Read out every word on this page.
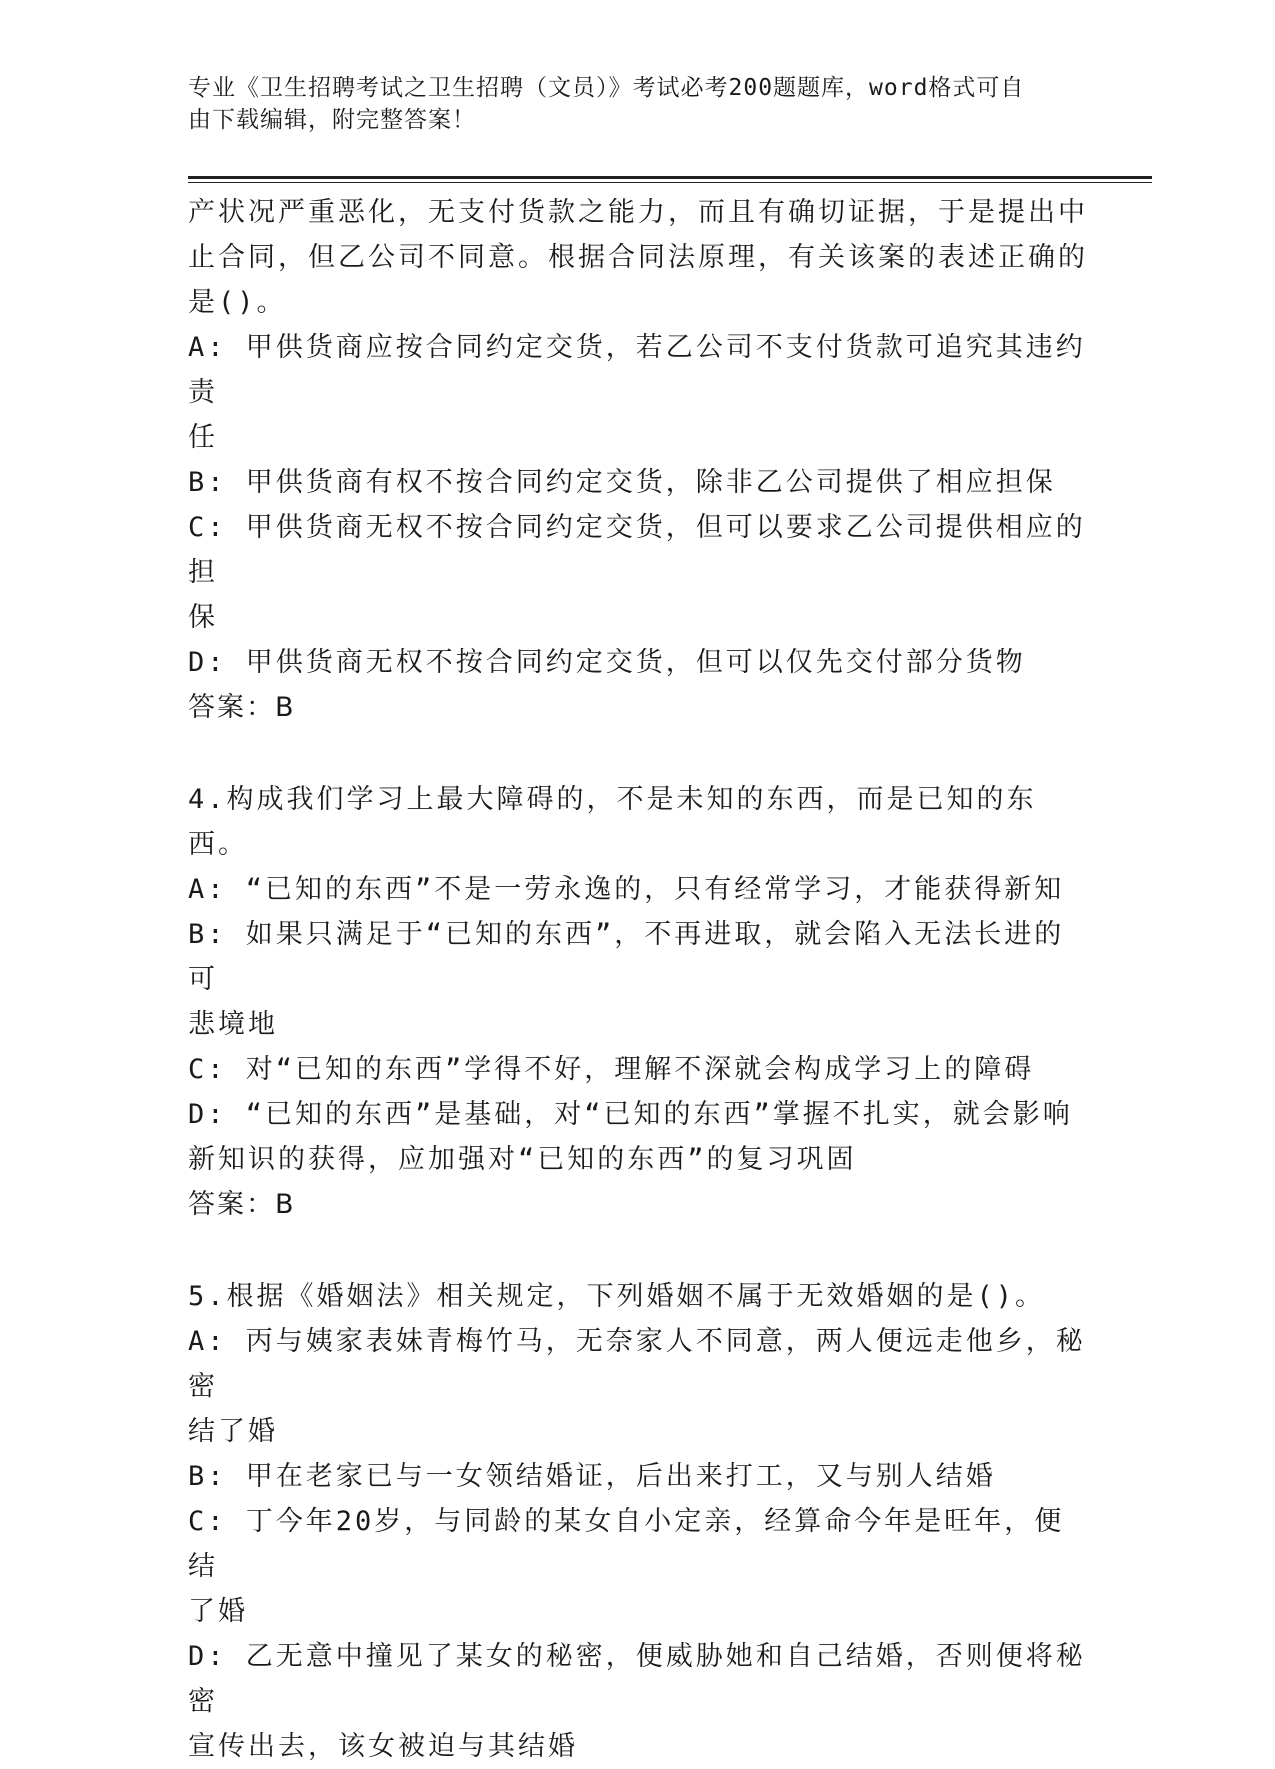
专业《卫生招聘考试之卫生招聘（文员）》考试必考200题题库，word格式可自
由下载编辑，附完整答案！
产状况严重恶化，无支付货款之能力，而且有确切证据，于是提出中
止合同，但乙公司不同意。根据合同法原理，有关该案的表述正确的
是()。
A: 甲供货商应按合同约定交货，若乙公司不支付货款可追究其违约责
任
B: 甲供货商有权不按合同约定交货，除非乙公司提供了相应担保
C: 甲供货商无权不按合同约定交货，但可以要求乙公司提供相应的担
保
D: 甲供货商无权不按合同约定交货，但可以仅先交付部分货物
答案：B
4.构成我们学习上最大障碍的，不是未知的东西，而是已知的东西。
A: “已知的东西”不是一劳永逸的，只有经常学习，才能获得新知
B: 如果只满足于“已知的东西”，不再进取，就会陷入无法长进的可
悲境地
C: 对“已知的东西”学得不好，理解不深就会构成学习上的障碍
D: “已知的东西”是基础，对“已知的东西”掌握不扎实，就会影响
新知识的获得，应加强对“已知的东西”的复习巩固
答案：B
5.根据《婚姻法》相关规定，下列婚姻不属于无效婚姻的是()。
A: 丙与姨家表妹青梅竹马，无奈家人不同意，两人便远走他乡，秘密
结了婚
B: 甲在老家已与一女领结婚证，后出来打工，又与别人结婚
C: 丁今年20岁，与同龄的某女自小定亲，经算命今年是旺年，便结
了婚
D: 乙无意中撞见了某女的秘密，便威胁她和自己结婚，否则便将秘密
宣传出去，该女被迫与其结婚
